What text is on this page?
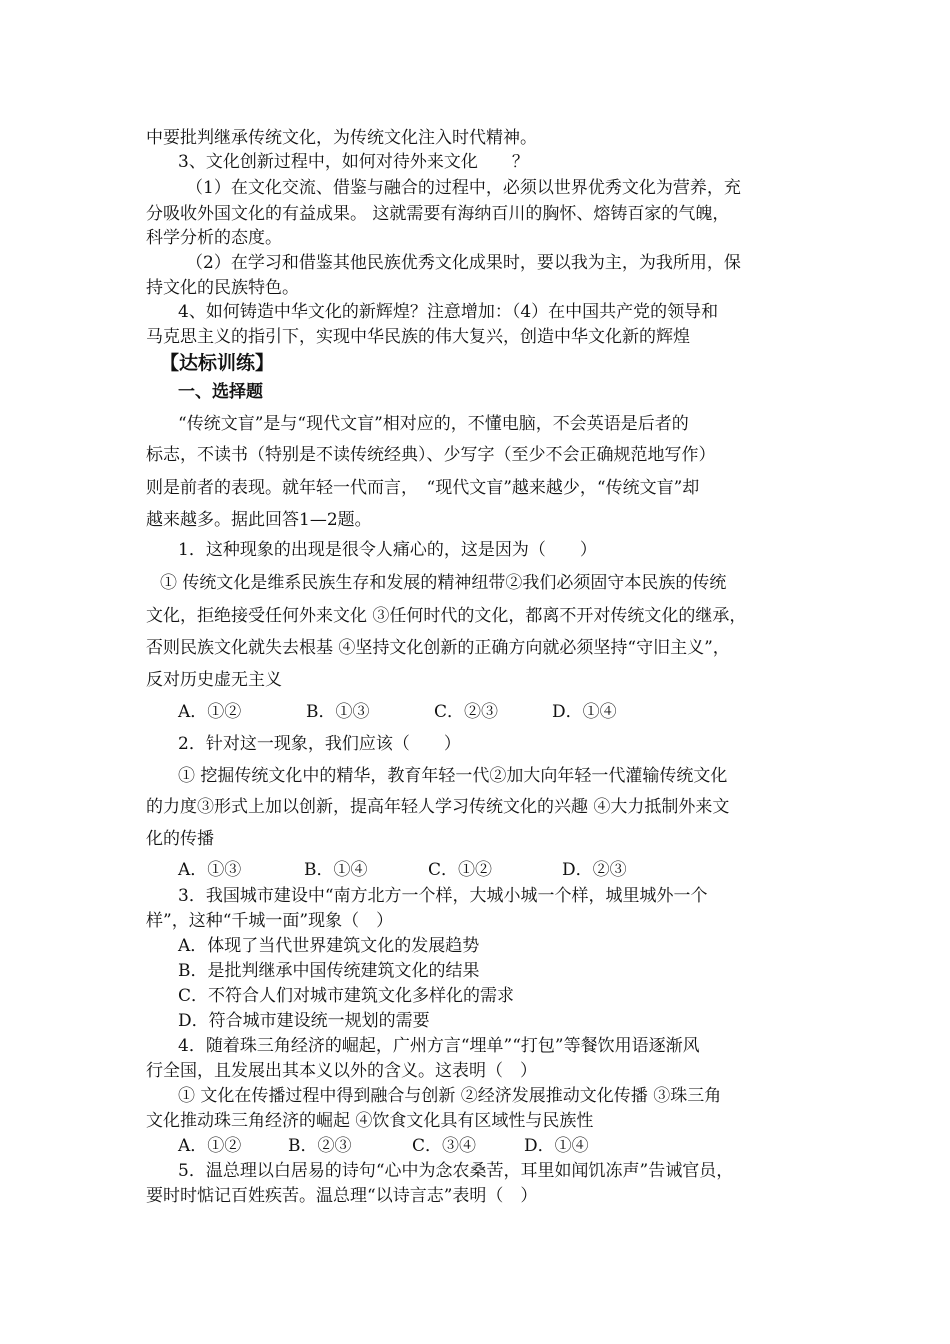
中要批判继承传统文化，为传统文化注入时代精神。
3、文化创新过程中，如何对待外来文化　　？
（1）在文化交流、借鉴与融合的过程中，必须以世界优秀文化为营养，充
分吸收外国文化的有益成果。 这就需要有海纳百川的胸怀、熔铸百家的气魄，
科学分析的态度。
（2）在学习和借鉴其他民族优秀文化成果时，要以我为主，为我所用，保
持文化的民族特色。
4、如何铸造中华文化的新辉煌？注意增加：（4）在中国共产党的领导和
马克思主义的指引下，实现中华民族的伟大复兴，创造中华文化新的辉煌
【达标训练】
一、选择题
“传统文盲”是与“现代文盲”相对应的，不懂电脑，不会英语是后者的
标志，不读书（特别是不读传统经典）、少写字（至少不会正确规范地写作）
则是前者的表现。就年轻一代而言，　“现代文盲”越来越少，“传统文盲”却
越来越多。据此回答1—2题。
1．这种现象的出现是很令人痛心的，这是因为（　　）
① 传统文化是维系民族生存和发展的精神纽带②我们必须固守本民族的传统
文化，拒绝接受任何外来文化 ③任何时代的文化，都离不开对传统文化的继承，
否则民族文化就失去根基 ④坚持文化创新的正确方向就必须坚持“守旧主义”，
反对历史虚无主义
A．①②	B．①③	C．②③	D．①④
2．针对这一现象，我们应该（　　）
① 挖掘传统文化中的精华，教育年轻一代②加大向年轻一代灌输传统文化
的力度③形式上加以创新，提高年轻人学习传统文化的兴趣 ④大力抵制外来文
化的传播
A．①③	B．①④	C．①②	D．②③
3．我国城市建设中“南方北方一个样，大城小城一个样，城里城外一个
样”，这种“千城一面”现象（　）
A．体现了当代世界建筑文化的发展趋势
B．是批判继承中国传统建筑文化的结果
C．不符合人们对城市建筑文化多样化的需求
D．符合城市建设统一规划的需要
4．随着珠三角经济的崛起，广州方言“埋单”“打包”等餐饮用语逐渐风
行全国，且发展出其本义以外的含义。这表明（　）
① 文化在传播过程中得到融合与创新 ②经济发展推动文化传播 ③珠三角
文化推动珠三角经济的崛起 ④饮食文化具有区域性与民族性
A．①②	B．②③	C．③④	D．①④
5．温总理以白居易的诗句“心中为念农桑苦，耳里如闻饥冻声”告诫官员，
要时时惦记百姓疾苦。温总理“以诗言志”表明（　）
